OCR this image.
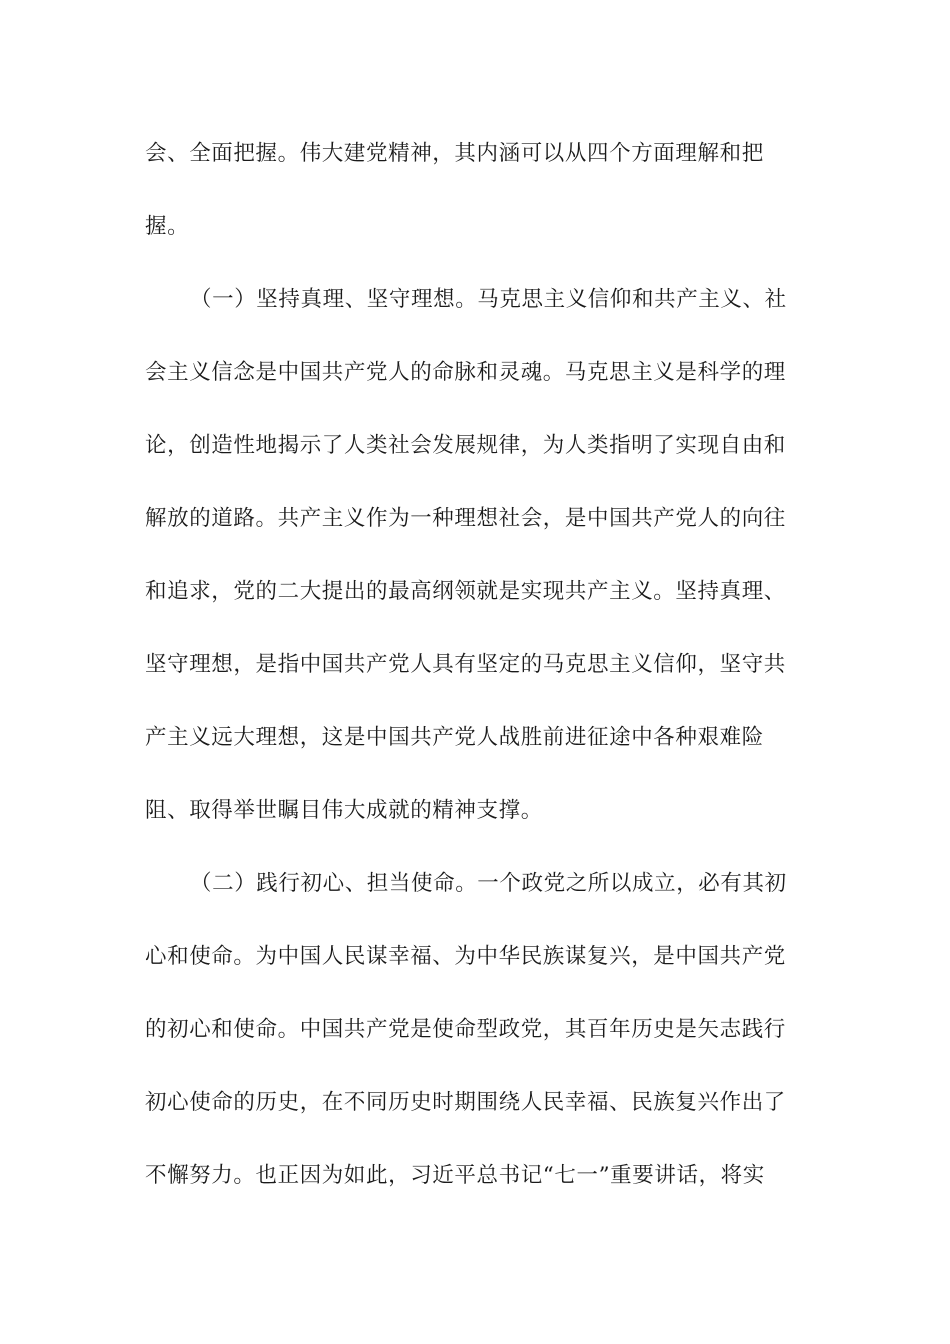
会、全面把握。伟大建党精神，其内涵可以从四个方面理解和把
握。
（一）坚持真理、坚守理想。马克思主义信仰和共产主义、社
会主义信念是中国共产党人的命脉和灵魂。马克思主义是科学的理
论，创造性地揭示了人类社会发展规律，为人类指明了实现自由和
解放的道路。共产主义作为一种理想社会，是中国共产党人的向往
和追求，党的二大提出的最高纲领就是实现共产主义。坚持真理、
坚守理想，是指中国共产党人具有坚定的马克思主义信仰，坚守共
产主义远大理想，这是中国共产党人战胜前进征途中各种艰难险
阻、取得举世瞩目伟大成就的精神支撑。
（二）践行初心、担当使命。一个政党之所以成立，必有其初
心和使命。为中国人民谋幸福、为中华民族谋复兴，是中国共产党
的初心和使命。中国共产党是使命型政党，其百年历史是矢志践行
初心使命的历史，在不同历史时期围绕人民幸福、民族复兴作出了
不懈努力。也正因为如此，习近平总书记“七一”重要讲话，将实
